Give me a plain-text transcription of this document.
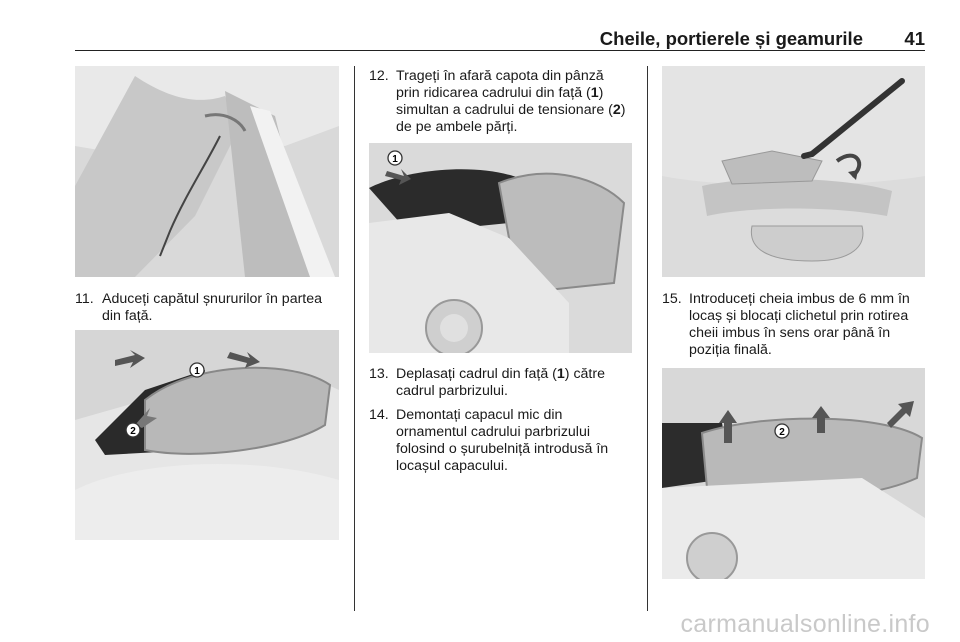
Cheile, portierele și geamurile 41
11. Aduceți capătul șnururilor în partea din față.
1
2
12. Trageți în afară capota din pânză prin ridicarea cadrului din față (1) simultan a cadrului de tensionare (2) de pe ambele părți.
1
13. Deplasați cadrul din față (1) către cadrul parbrizului.
14. Demontați capacul mic din ornamentul cadrului parbrizului folosind o șurubelniță introdusă în locașul capacului.
15. Introduceți cheia imbus de 6 mm în locaș și blocați clichetul prin rotirea cheii imbus în sens orar până în poziția finală.
2
carmanualsonline.info
